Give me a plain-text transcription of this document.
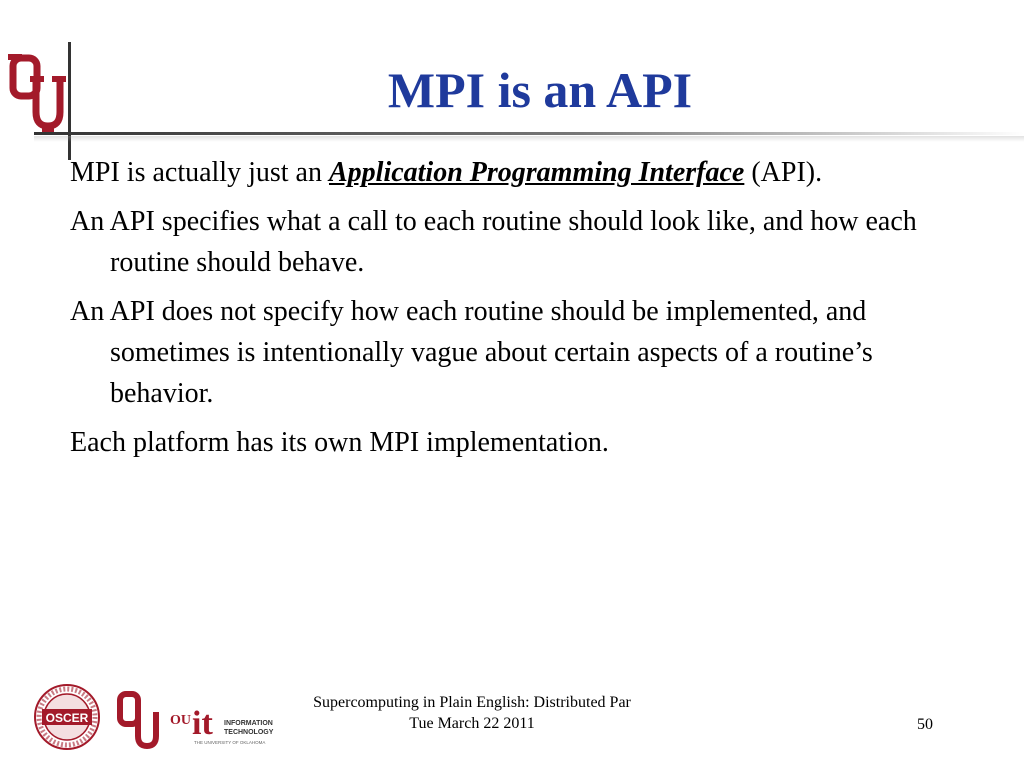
MPI is an API
MPI is actually just an Application Programming Interface (API).
An API specifies what a call to each routine should look like, and how each routine should behave.
An API does not specify how each routine should be implemented, and sometimes is intentionally vague about certain aspects of a routine’s behavior.
Each platform has its own MPI implementation.
OSCER	OU it INFORMATION
TECHNOLOGY
THE UNIVERSITY OF OKLAHOMA
Supercomputing in Plain English: Distributed Par
Tue March 22 2011	50
